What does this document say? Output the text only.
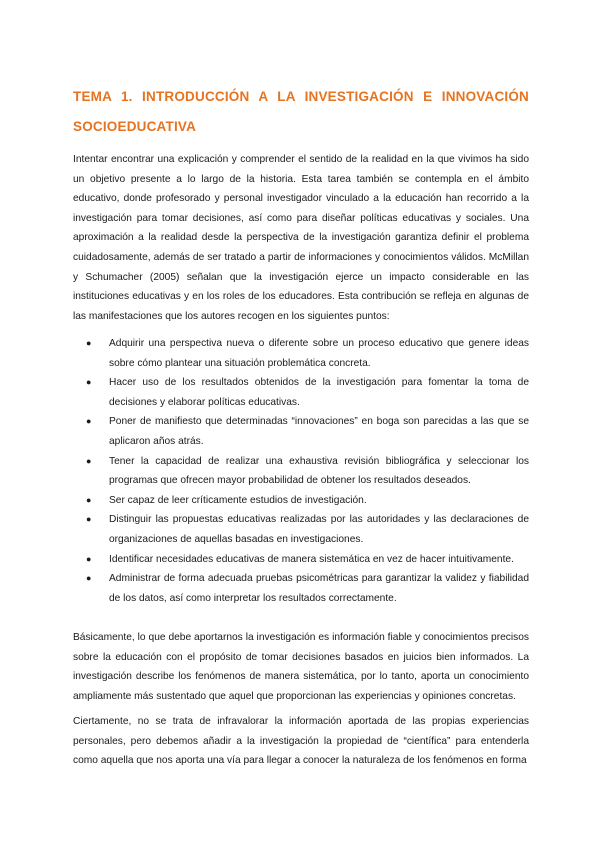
TEMA 1. INTRODUCCIÓN A LA INVESTIGACIÓN E INNOVACIÓN SOCIOEDUCATIVA

Intentar encontrar una explicación y comprender el sentido de la realidad en la que vivimos ha sido un objetivo presente a lo largo de la historia. Esta tarea también se contempla en el ámbito educativo, donde profesorado y personal investigador vinculado a la educación han recorrido a la investigación para tomar decisiones, así como para diseñar políticas educativas y sociales. Una aproximación a la realidad desde la perspectiva de la investigación garantiza definir el problema cuidadosamente, además de ser tratado a partir de informaciones y conocimientos válidos. McMillan y Schumacher (2005) señalan que la investigación ejerce un impacto considerable en las instituciones educativas y en los roles de los educadores. Esta contribución se refleja en algunas de las manifestaciones que los autores recogen en los siguientes puntos:

● Adquirir una perspectiva nueva o diferente sobre un proceso educativo que genere ideas sobre cómo plantear una situación problemática concreta.
● Hacer uso de los resultados obtenidos de la investigación para fomentar la toma de decisiones y elaborar políticas educativas.
● Poner de manifiesto que determinadas “innovaciones” en boga son parecidas a las que se aplicaron años atrás.
● Tener la capacidad de realizar una exhaustiva revisión bibliográfica y seleccionar los programas que ofrecen mayor probabilidad de obtener los resultados deseados.
● Ser capaz de leer críticamente estudios de investigación.
● Distinguir las propuestas educativas realizadas por las autoridades y las declaraciones de organizaciones de aquellas basadas en investigaciones.
● Identificar necesidades educativas de manera sistemática en vez de hacer intuitivamente.
● Administrar de forma adecuada pruebas psicométricas para garantizar la validez y fiabilidad de los datos, así como interpretar los resultados correctamente.

Básicamente, lo que debe aportarnos la investigación es información fiable y conocimientos precisos sobre la educación con el propósito de tomar decisiones basados en juicios bien informados. La investigación describe los fenómenos de manera sistemática, por lo tanto, aporta un conocimiento ampliamente más sustentado que aquel que proporcionan las experiencias y opiniones concretas.

Ciertamente, no se trata de infravalorar la información aportada de las propias experiencias personales, pero debemos añadir a la investigación la propiedad de “científica” para entenderla como aquella que nos aporta una vía para llegar a conocer la naturaleza de los fenómenos en forma
